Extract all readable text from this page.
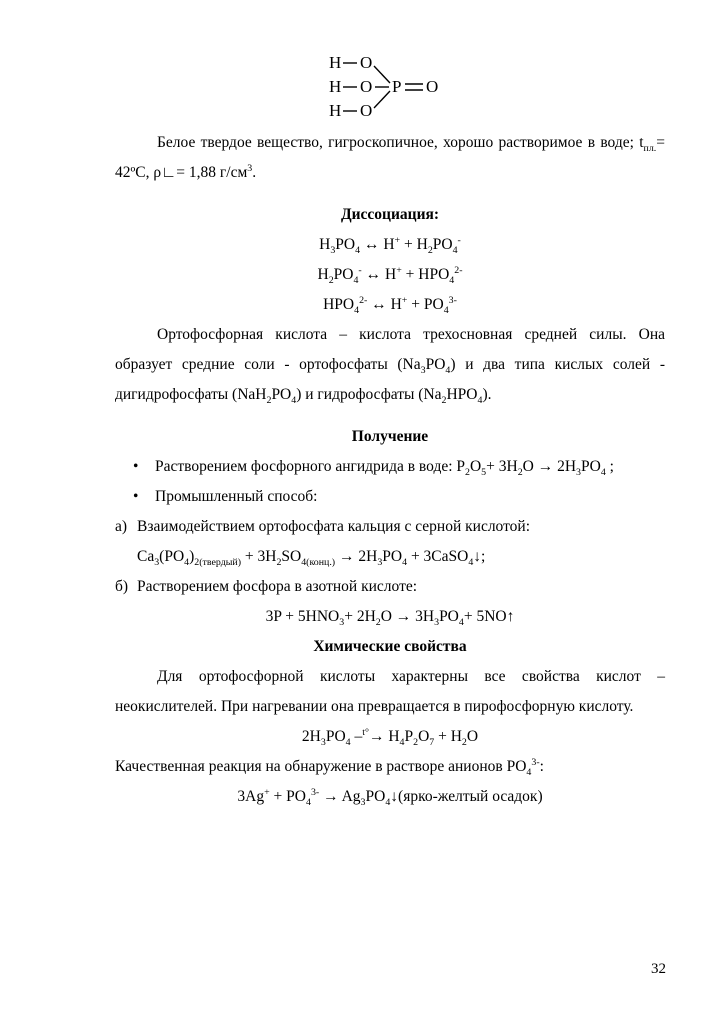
H O
H O
H O
P O

Белое твердое вещество, гигроскопичное, хорошо растворимое в воде; $t_{пл.}=$ 42ºС, ρ∟= 1,88 $г/см^3$.

Диссоциация:
$H_3PO_4$ ↔ $H^+ + H_2PO_4^-$
$H_2PO_4^-$ ↔ $H^+ + HPO_4^{2-}$
$HPO_4^{2-}$ ↔ $H^+ + PO_4^{3-}$

Ортофосфорная кислота – кислота трехосновная средней силы. Она образует средние соли - ортофосфаты $(Na_3PO_4)$ и два типа кислых солей - дигидрофосфаты $(NaH_2PO_4)$ и гидрофосфаты $(Na_2HPO_4)$.

Получение
•	Растворением фосфорного ангидрида в воде: $P_2O_5+ 3H_2O \to 2H_3PO_4$ ;
•	Промышленный способ:
а) Взаимодействием ортофосфата кальция с серной кислотой:
$Ca_3(PO_4)_{2(твердый)} + 3H_2SO_{4(конц.)} \to 2H_3PO_4$ + 3CaSO$_4$↓;
б) Растворением фосфора в азотной кислоте:
$3P + 5HNO_3+ 2H_2O \to 3H_3PO_4+$ 5NO↑
Химические свойства

Для ортофосфорной кислоты характерны все свойства кислот – неокислителей. При нагревании она превращается в пирофосфорную кислоту.

$2H_3PO_4$ $-^{t^\circ}\to H_4P_2O_7 + H_2O$

Качественная реакция на обнаружение в растворе анионов $PO_4^{3-}$:

$3Ag^+ + PO_4^{3-}$ → $Ag_3PO_4↓(ярко$-желтый осадок)
32
